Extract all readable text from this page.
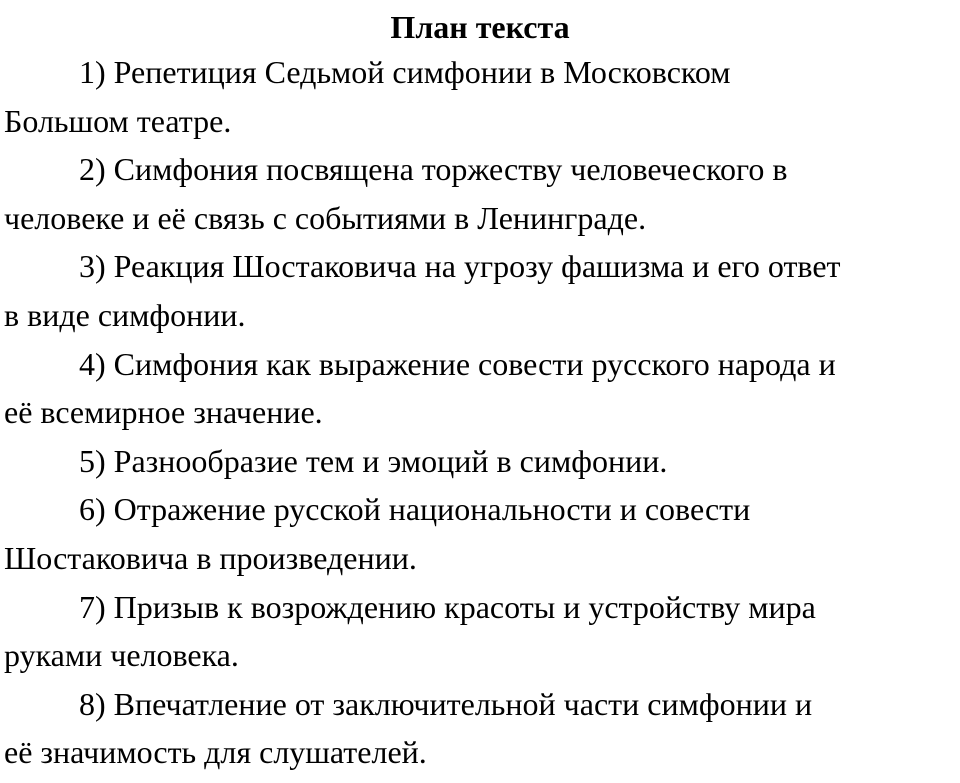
План текста
1) Репетиция Седьмой симфонии в Московском
Большом театре.
2) Симфония посвящена торжеству человеческого в
человеке и её связь с событиями в Ленинграде.
3) Реакция Шостаковича на угрозу фашизма и его ответ
в виде симфонии.
4) Симфония как выражение совести русского народа и
её всемирное значение.
5) Разнообразие тем и эмоций в симфонии.
6) Отражение русской национальности и совести
Шостаковича в произведении.
7) Призыв к возрождению красоты и устройству мира
руками человека.
8) Впечатление от заключительной части симфонии и
её значимость для слушателей.
